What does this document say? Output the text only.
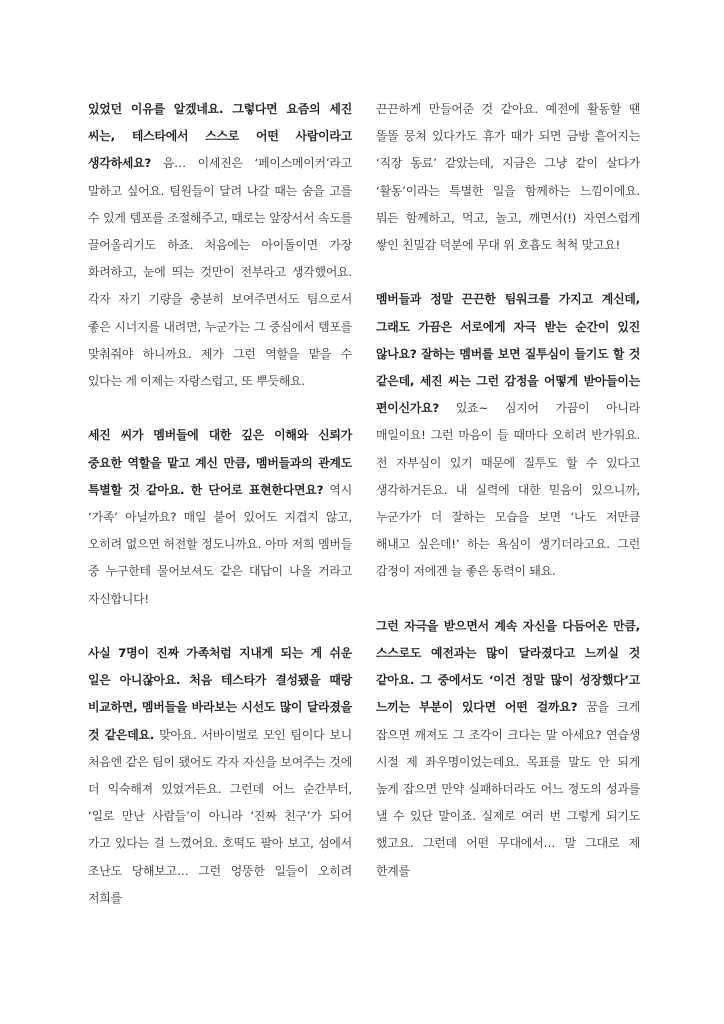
있었던 이유를 알겠네요. 그렇다면 요즘의 세진 씨는, 테스타에서 스스로 어떤 사람이라고 생각하세요? 음… 이세진은 ‘페이스메이커’라고 말하고 싶어요. 팀원들이 달려 나갈 때는 숨을 고를 수 있게 템포를 조절해주고, 때로는 앞장서서 속도를 끌어올리기도 하죠. 처음에는 아이돌이면 가장 화려하고, 눈에 띄는 것만이 전부라고 생각했어요. 각자 자기 기량을 충분히 보여주면서도 팀으로서 좋은 시너지를 내려면, 누군가는 그 중심에서 템포를 맞춰줘야 하니까요. 제가 그런 역할을 맡을 수 있다는 게 이제는 자랑스럽고, 또 뿌듯해요.

세진 씨가 멤버들에 대한 깊은 이해와 신뢰가 중요한 역할을 맡고 계신 만큼, 멤버들과의 관계도 특별할 것 같아요. 한 단어로 표현한다면요? 역시 ‘가족’ 아닐까요? 매일 붙어 있어도 지겹지 않고, 오히려 없으면 허전할 정도니까요. 아마 저희 멤버들 중 누구한테 물어보셔도 같은 대답이 나올 거라고 자신합니다!

사실 7명이 진짜 가족처럼 지내게 되는 게 쉬운 일은 아니잖아요. 처음 테스타가 결성됐을 때랑 비교하면, 멤버들을 바라보는 시선도 많이 달라졌을 것 같은데요. 맞아요. 서바이벌로 모인 팀이다 보니 처음엔 같은 팀이 됐어도 각자 자신을 보여주는 것에 더 익숙해져 있었거든요. 그런데 어느 순간부터, ‘일로 만난 사람들’이 아니라 ‘진짜 친구’가 되어 가고 있다는 걸 느꼈어요. 호떡도 팔아 보고, 섬에서 조난도 당해보고… 그런 엉뚱한 일들이 오히려 저희를

끈끈하게 만들어준 것 같아요. 예전에 활동할 땐 똘똘 뭉쳐 있다가도 휴가 때가 되면 금방 흩어지는 ‘직장 동료’ 같았는데, 지금은 그냥 같이 살다가 ‘활동’이라는 특별한 일을 함께하는 느낌이에요. 뭐든 함께하고, 먹고, 놀고, 깨면서(!) 자연스럽게 쌓인 친밀감 덕분에 무대 위 호흡도 척척 맞고요!

멤버들과 정말 끈끈한 팀워크를 가지고 계신데, 그래도 가끔은 서로에게 자극 받는 순간이 있진 않나요? 잘하는 멤버를 보면 질투심이 들기도 할 것 같은데, 세진 씨는 그런 감정을 어떻게 받아들이는 편이신가요? 있죠~ 심지어 가끔이 아니라 매일이요! 그런 마음이 들 때마다 오히려 반가워요. 전 자부심이 있기 때문에 질투도 할 수 있다고 생각하거든요. 내 실력에 대한 믿음이 있으니까, 누군가가 더 잘하는 모습을 보면 ‘나도 저만큼 해내고 싶은데!’ 하는 욕심이 생기더라고요. 그런 감정이 저에겐 늘 좋은 동력이 돼요.

그런 자극을 받으면서 계속 자신을 다듬어온 만큼, 스스로도 예전과는 많이 달라졌다고 느끼실 것 같아요. 그 중에서도 ‘이건 정말 많이 성장했다’고 느끼는 부분이 있다면 어떤 걸까요? 꿈을 크게 잡으면 깨져도 그 조각이 크다는 말 아세요? 연습생 시절 제 좌우명이었는데요. 목표를 말도 안 되게 높게 잡으면 만약 실패하더라도 어느 정도의 성과를 낼 수 있단 말이죠. 실제로 여러 번 그렇게 되기도 했고요. 그런데 어떤 무대에서… 말 그대로 제 한계를
